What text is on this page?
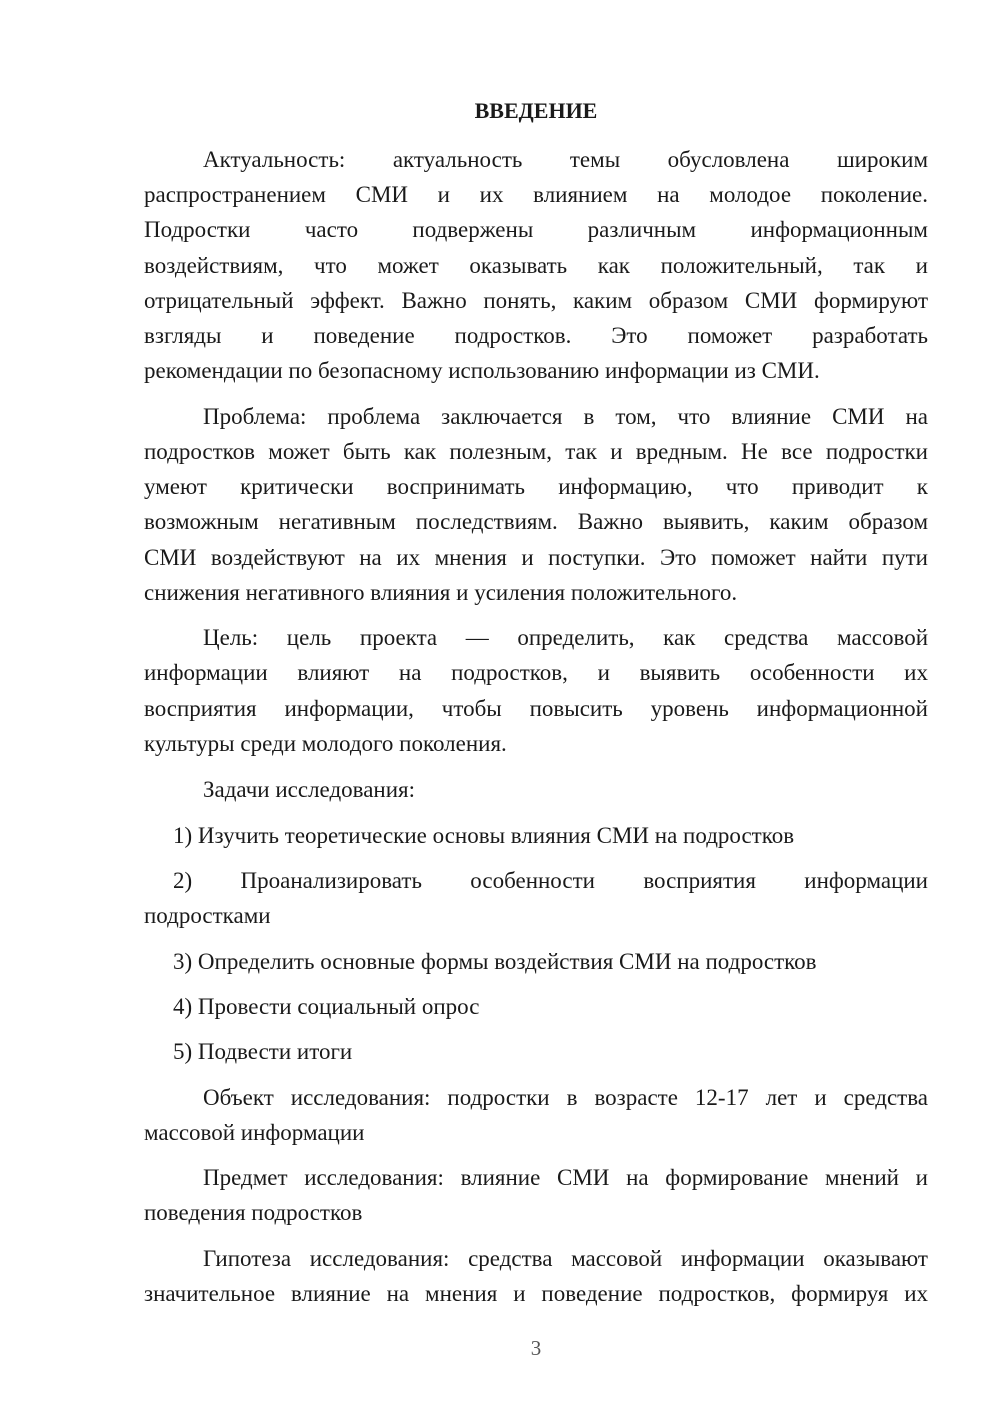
ВВЕДЕНИЕ
Актуальность: актуальность темы обусловлена широким
распространением СМИ и их влиянием на молодое поколение.
Подростки часто подвержены различным информационным
воздействиям, что может оказывать как положительный, так и
отрицательный эффект. Важно понять, каким образом СМИ формируют
взгляды и поведение подростков. Это поможет разработать
рекомендации по безопасному использованию информации из СМИ.
Проблема: проблема заключается в том, что влияние СМИ на
подростков может быть как полезным, так и вредным. Не все подростки
умеют критически воспринимать информацию, что приводит к
возможным негативным последствиям. Важно выявить, каким образом
СМИ воздействуют на их мнения и поступки. Это поможет найти пути
снижения негативного влияния и усиления положительного.
Цель: цель проекта — определить, как средства массовой
информации влияют на подростков, и выявить особенности их
восприятия информации, чтобы повысить уровень информационной
культуры среди молодого поколения.
Задачи исследования:
1) Изучить теоретические основы влияния СМИ на подростков
2) Проанализировать особенности восприятия информации
подростками
3) Определить основные формы воздействия СМИ на подростков
4) Провести социальный опрос
5) Подвести итоги
Объект исследования: подростки в возрасте 12-17 лет и средства
массовой информации
Предмет исследования: влияние СМИ на формирование мнений и
поведения подростков
Гипотеза исследования: средства массовой информации оказывают
значительное влияние на мнения и поведение подростков, формируя их
3
